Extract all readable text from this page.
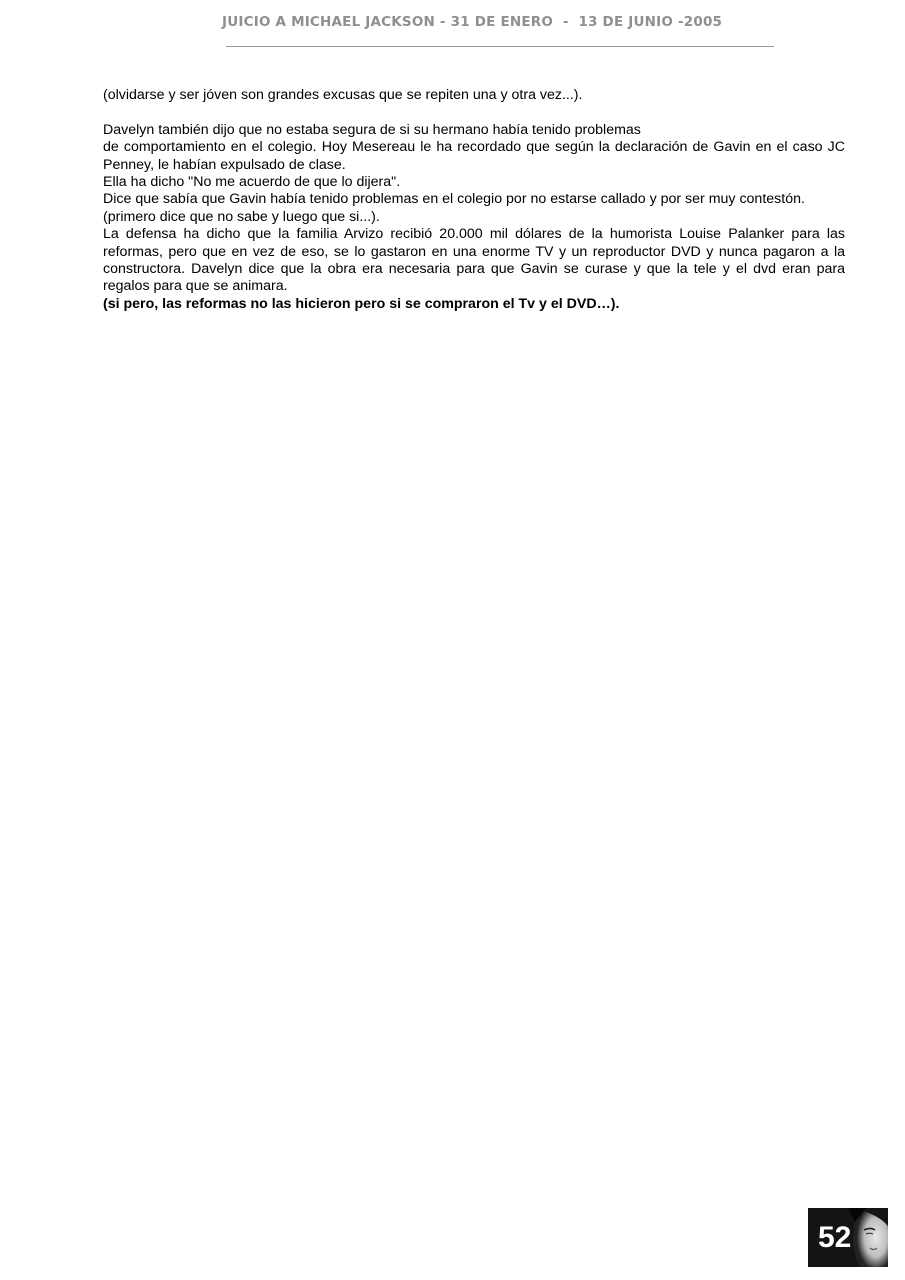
JUICIO A MICHAEL JACKSON - 31 DE ENERO  -  13 DE JUNIO -2005

(olvidarse y ser jóven son grandes excusas que se repiten una y otra vez...).

Davelyn también dijo que no estaba segura de si su hermano había tenido problemas

de comportamiento en el colegio. Hoy Mesereau le ha recordado que según la declaración de Gavin en el caso JC Penney, le habían expulsado de clase.

Ella ha dicho "No me acuerdo de que lo dijera".

Dice que sabía que Gavin había tenido problemas en el colegio por no estarse callado y por ser muy contestón.

(primero dice que no sabe y luego que si...).

La defensa ha dicho que la familia Arvizo recibió 20.000 mil dólares de la humorista Louise Palanker para las reformas, pero que en vez de eso, se lo gastaron en una enorme TV y un reproductor DVD y nunca pagaron a la constructora. Davelyn dice que la obra era necesaria para que Gavin se curase y que la tele y el dvd eran para regalos para que se animara.

(si pero, las reformas no las hicieron pero si se compraron el Tv y el DVD…).

52
